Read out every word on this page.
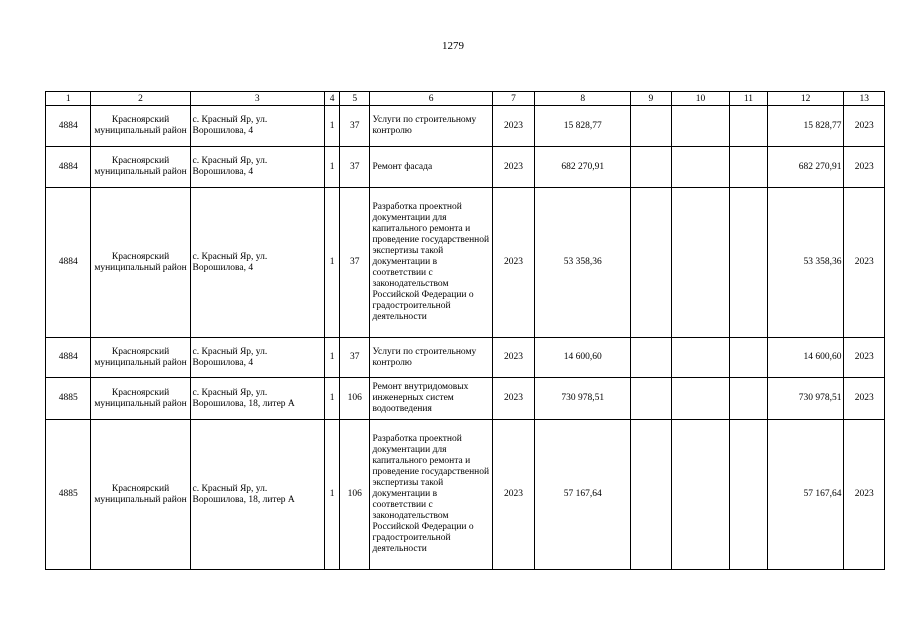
1279
1	2	3	4	5	6	7	8	9	10	11	12	13
4884	Красноярский муниципальный район	с. Красный Яр, ул. Ворошилова, 4	1	37	Услуги по строительному контролю	2023	15 828,77				15 828,77	2023
4884	Красноярский муниципальный район	с. Красный Яр, ул. Ворошилова, 4	1	37	Ремонт фасада	2023	682 270,91				682 270,91	2023
4884	Красноярский муниципальный район	с. Красный Яр, ул. Ворошилова, 4	1	37	Разработка проектной документации для капитального ремонта и проведение государственной экспертизы такой документации в соответствии с законодательством Российской Федерации о градостроительной деятельности	2023	53 358,36				53 358,36	2023
4884	Красноярский муниципальный район	с. Красный Яр, ул. Ворошилова, 4	1	37	Услуги по строительному контролю	2023	14 600,60				14 600,60	2023
4885	Красноярский муниципальный район	с. Красный Яр, ул. Ворошилова, 18, литер А	1	106	Ремонт внутридомовых инженерных систем водоотведения	2023	730 978,51				730 978,51	2023
4885	Красноярский муниципальный район	с. Красный Яр, ул. Ворошилова, 18, литер А	1	106	Разработка проектной документации для капитального ремонта и проведение государственной экспертизы такой документации в соответствии с законодательством Российской Федерации о градостроительной деятельности	2023	57 167,64				57 167,64	2023
